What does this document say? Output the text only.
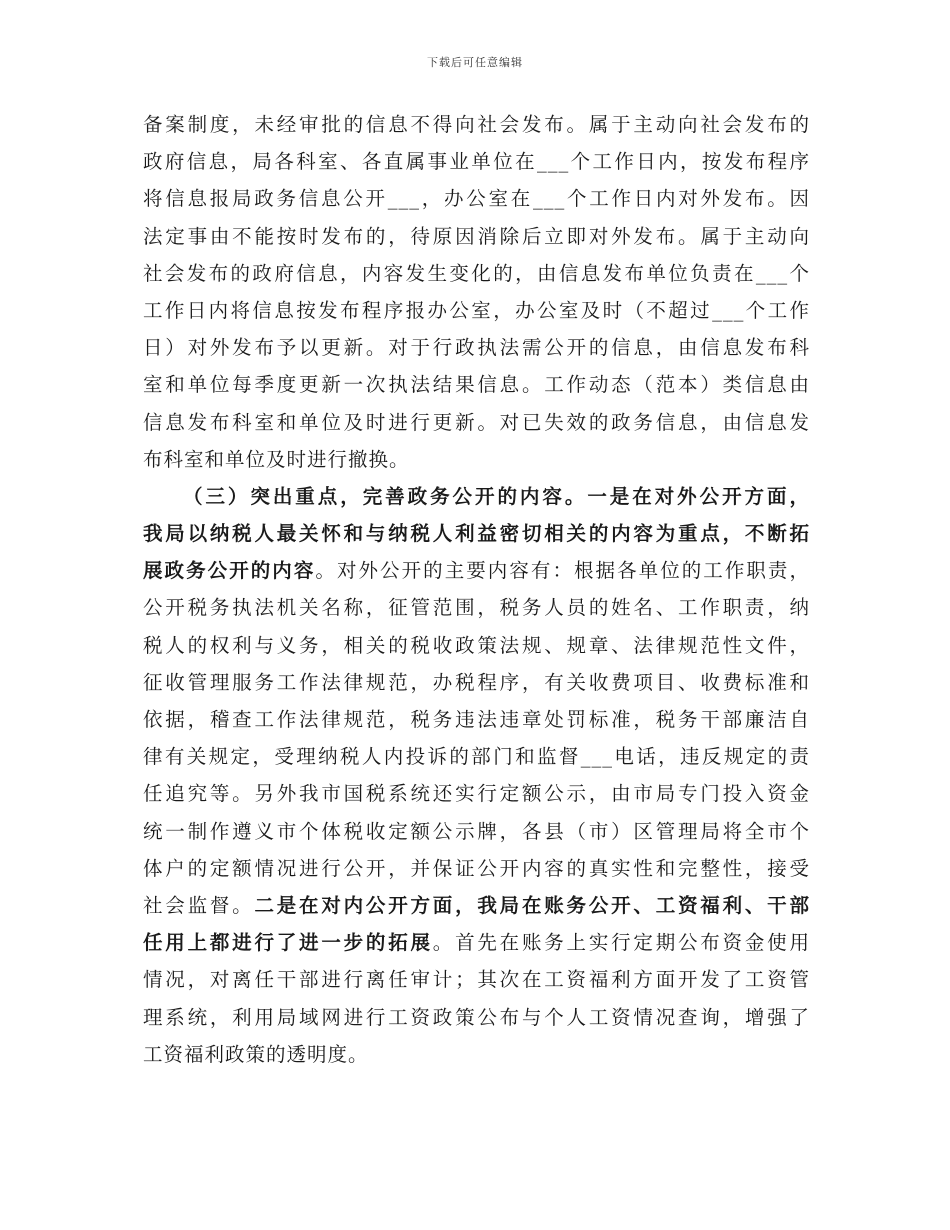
下载后可任意编辑
备案制度，未经审批的信息不得向社会发布。属于主动向社会发布的
政府信息，局各科室、各直属事业单位在___个工作日内，按发布程序
将信息报局政务信息公开___，办公室在___个工作日内对外发布。因
法定事由不能按时发布的，待原因消除后立即对外发布。属于主动向
社会发布的政府信息，内容发生变化的，由信息发布单位负责在___个
工作日内将信息按发布程序报办公室，办公室及时（不超过___个工作
日）对外发布予以更新。对于行政执法需公开的信息，由信息发布科
室和单位每季度更新一次执法结果信息。工作动态（范本）类信息由
信息发布科室和单位及时进行更新。对已失效的政务信息，由信息发
布科室和单位及时进行撤换。
（三）突出重点，完善政务公开的内容。一是在对外公开方面，
我局以纳税人最关怀和与纳税人利益密切相关的内容为重点，不断拓
展政务公开的内容。对外公开的主要内容有：根据各单位的工作职责，
公开税务执法机关名称，征管范围，税务人员的姓名、工作职责，纳
税人的权利与义务，相关的税收政策法规、规章、法律规范性文件，
征收管理服务工作法律规范，办税程序，有关收费项目、收费标准和
依据，稽查工作法律规范，税务违法违章处罚标准，税务干部廉洁自
律有关规定，受理纳税人内投诉的部门和监督___电话，违反规定的责
任追究等。另外我市国税系统还实行定额公示，由市局专门投入资金
统一制作遵义市个体税收定额公示牌，各县（市）区管理局将全市个
体户的定额情况进行公开，并保证公开内容的真实性和完整性，接受
社会监督。二是在对内公开方面，我局在账务公开、工资福利、干部
任用上都进行了进一步的拓展。首先在账务上实行定期公布资金使用
情况，对离任干部进行离任审计；其次在工资福利方面开发了工资管
理系统，利用局域网进行工资政策公布与个人工资情况查询，增强了
工资福利政策的透明度。
